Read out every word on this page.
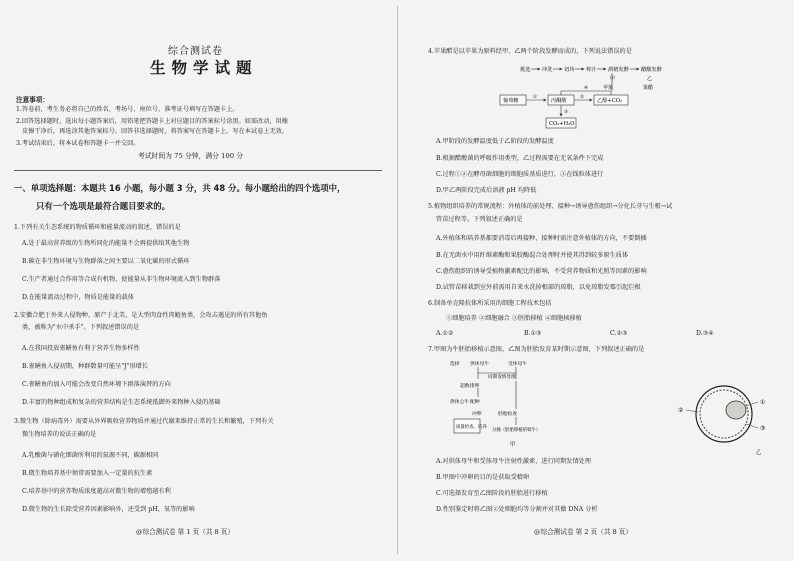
综合测试卷
生物学试题
注意事项：
1.答卷前，考生务必将自己的姓名、考场号、座位号、准考证号填写在答题卡上。
2.回答选择题时，选出每小题答案后，用铅笔把答题卡上对应题目的答案标号涂黑。如需改动，用橡
皮擦干净后，再选涂其他答案标号。回答非选择题时，将答案写在答题卡上。写在本试卷上无效。
3.考试结束后，将本试卷和答题卡一并交回。
考试时间为 75 分钟，满分 100 分
一、单项选择题：本题共 16 小题，每小题 3 分，共 48 分。每小题给出的四个选项中，
只有一个选项是最符合题目要求的。
1.下列有关生态系统的物质循环和能量流动的叙述，错误的是
A.处于最高营养级的生物所同化的能量不会再提供给其他生物
B.碳在非生物环境与生物群落之间主要以二氧化碳的形式循环
C.生产者通过合作用等合成有机物，使能量从非生物环境流入到生物群落
D.在能量流动过程中，物质是能量的载体
2.安徽合肥于外来人侵物种，原产于北美，是大型肉食性肉鲢鱼类，会攻击遇见的所有其他鱼
类，被称为"水中杀手"。下列叙述错误的是
A.在我国投放雀鳝鱼有利于营养生物多样性
B.雀鳝鱼入侵初期，种群数量可能呈"J"形增长
C.雀鳝鱼的加入可能会改变自然环境下群落演替的方向
D.丰富的物种组成和复杂的营养结构是生态系统抵御外来物种入侵的基础
3.微生物（除病毒外）需要从外界吸收营养物质并通过代谢来维持正常的生长和繁殖，下列有关
微生物培养的说法正确的是
A.乳酸菌与硝化细菌所利用的氮源不同，碳源相同
B.微生物培养基中须常需要加入一定量的抗生素
C.培养基中的营养物质浓度越高对微生物的增殖越有利
D.微生物的生长除受营养因素影响外，还受到 pH、氧等的影响
@综合测试卷 第 1 页（共 8 页）
4.苹果醋是以苹果为原料经甲、乙两个阶段发酵而成的，下列说法错误的是
挑选 冲洗 切块 榨汁 酒精发酵 醋酸发酵
甲	乙
苹果	果醋
葡萄糖
①
丙酮酸
②
乙醇+CO₂
③
CO₂+H₂O
④
A.甲阶段的发酵温度低于乙阶段的发酵温度
B.根据醋酸菌的呼吸作用类型，乙过程需要在无氧条件下完成
C.过程①②在酵母菌细胞的细胞质基质进行，③在线粒体进行
D.甲乙两阶段完成后溶液 pH 均降低
5.植物组织培养的常规流程：外植体的前处理、接种→诱导愈伤组织→分化长芽与生根→试
管苗过程等。下列叙述正确的是
A.外植体和培养基都要消毒后再接种，接种时需注意外植体的方向，不要倒插
B.在无菌水中用纤维素酶和果胶酶混合处理时并使其得到较多原生质体
C.愈伤组织的诱导受植物激素配比的影响，不受营养物质和光照等因素的影响
D.试管苗移栽到室外前需用自来水洗掉根部的琼脂，以免琼脂发霉引起烂根
6.制备单克隆抗体所采用的细胞工程技术包括
①细胞培养 ②细胞融合 ③胚胎移植 ④细胞核移植
A.①②	B.①③	C.②③	D.③④
7.甲图为牛胚胎移植示意图，乙图为胚胎发育某时期示意图，下列叙述正确的是
选择 供体母牛	受体母牛
同期发情处理
超数排卵
供体公牛 配种
冲卵	胚胎检查
质量检查、培养
分娩（胚胎移植的犊牛）
甲
②
①
③
乙
A.对供体母牛和受体母牛注射性激素，进行同期发情处理
B.甲图中冲卵的目的是获取受精卵
C.可选择发育至乙图阶段的胚胎进行移植
D.性别鉴定时将乙图②处细胞均等分割并对其做 DNA 分析
@综合测试卷 第 2 页（共 8 页）
